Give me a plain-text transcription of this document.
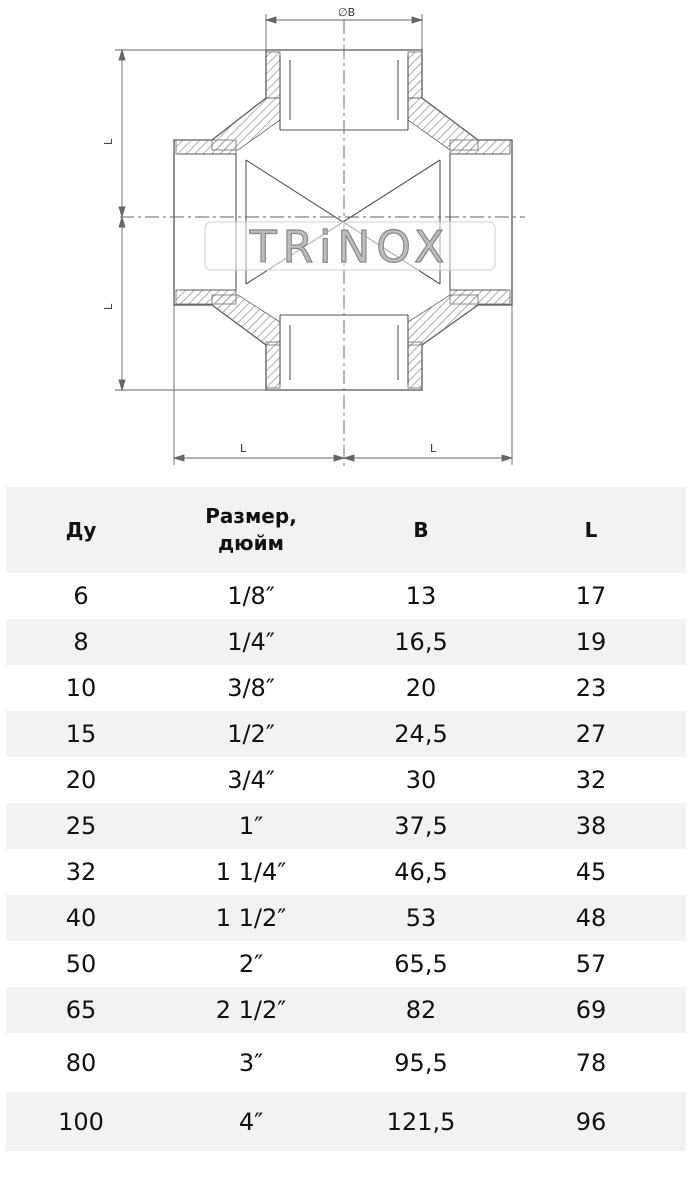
∅B
L	L
L
L
TRiNOX
Ду	Размер,
дюйм	B	L
6	1/8″	13	17
8	1/4″	16,5	19
10	3/8″	20	23
15	1/2″	24,5	27
20	3/4″	30	32
25	1″	37,5	38
32	1 1/4″	46,5	45
40	1 1/2″	53	48
50	2″	65,5	57
65	2 1/2″	82	69
80	3″	95,5	78
100	4″	121,5	96
